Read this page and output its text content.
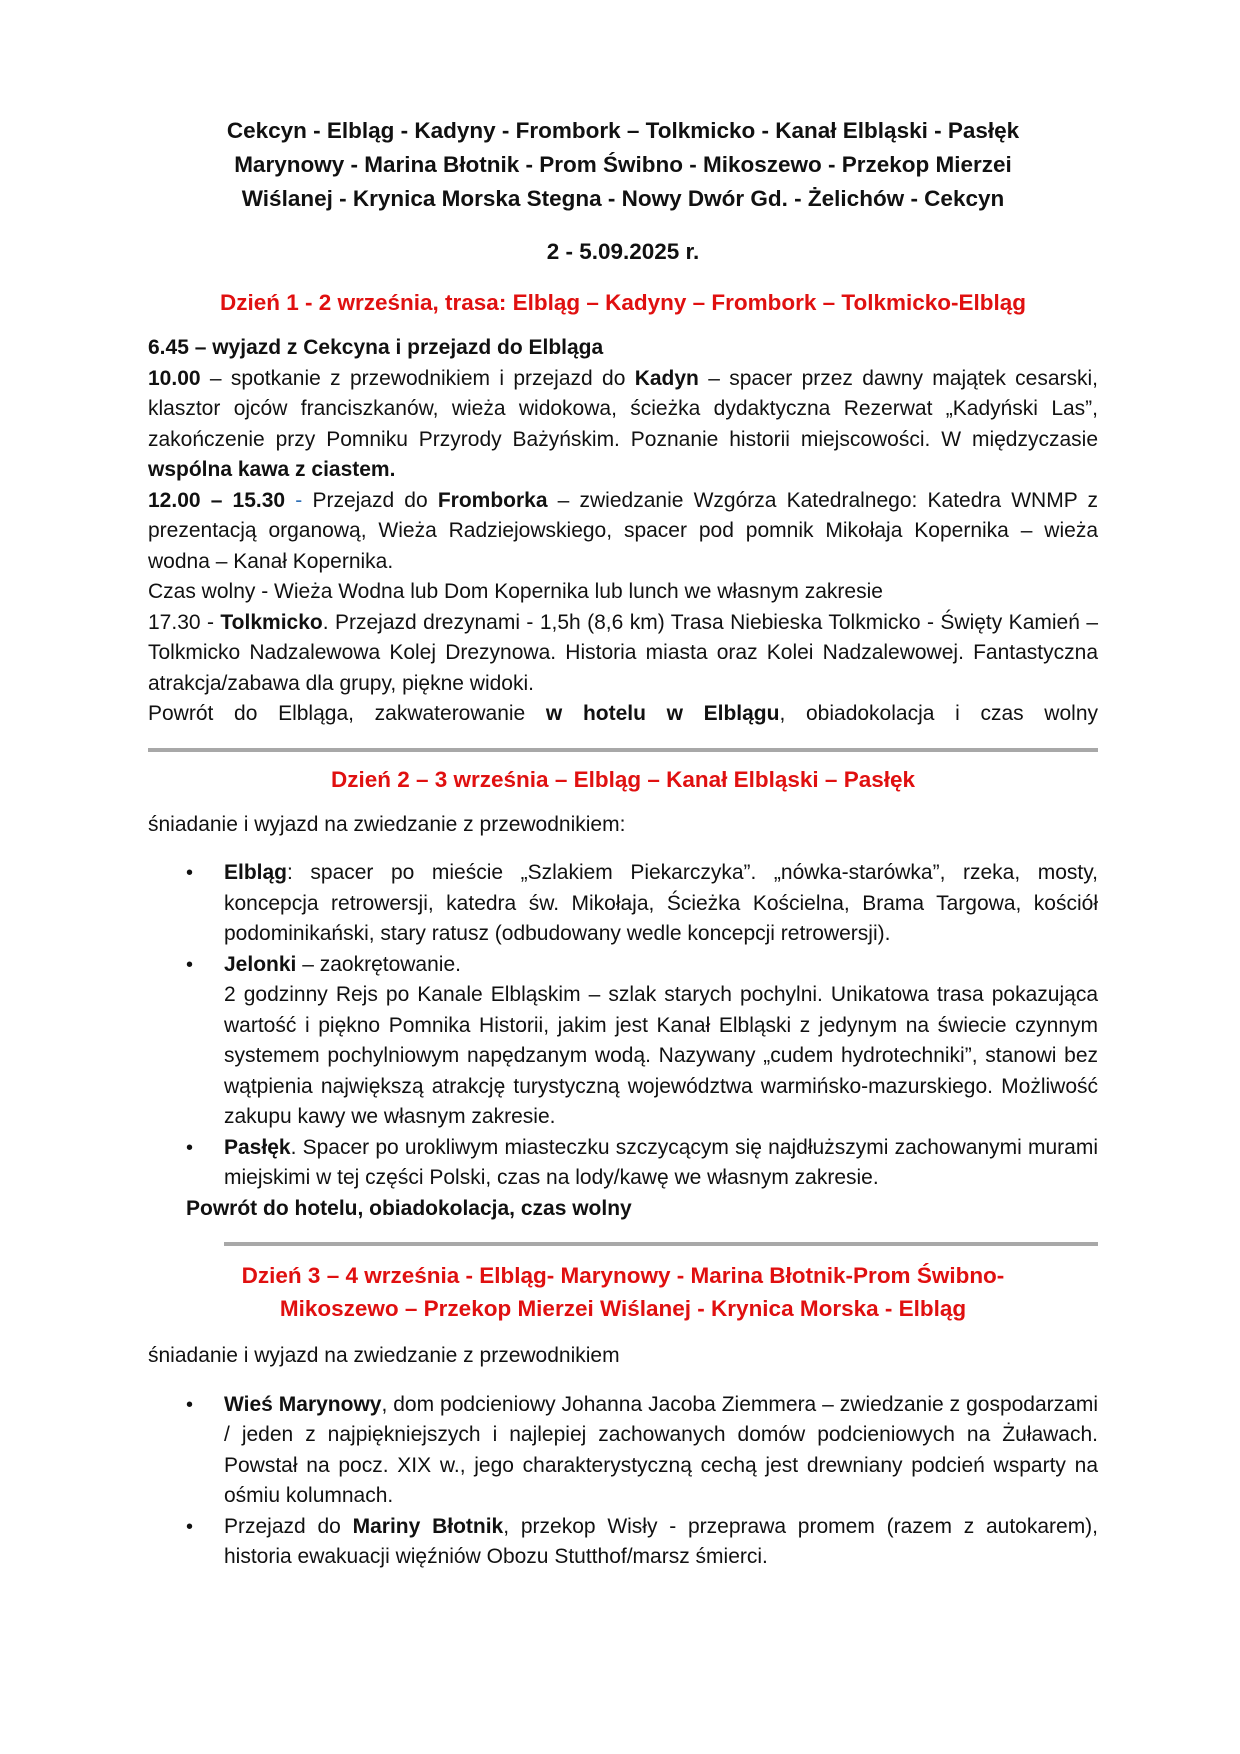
Cekcyn - Elbląg - Kadyny - Frombork – Tolkmicko - Kanał Elbląski - Pasłęk

Marynowy - Marina Błotnik - Prom Świbno - Mikoszewo - Przekop Mierzei

Wiślanej - Krynica Morska Stegna - Nowy Dwór Gd. - Żelichów - Cekcyn

2 - 5.09.2025 r.

Dzień 1 - 2 września, trasa: Elbląg – Kadyny – Frombork – Tolkmicko-Elbląg

6.45 – wyjazd z Cekcyna i przejazd do Elbląga

10.00 – spotkanie z przewodnikiem i przejazd do Kadyn – spacer przez dawny majątek cesarski, klasztor ojców franciszkanów, wieża widokowa, ścieżka dydaktyczna Rezerwat „Kadyński Las”, zakończenie przy Pomniku Przyrody Bażyńskim. Poznanie historii miejscowości. W międzyczasie wspólna kawa z ciastem.

12.00 – 15.30 - Przejazd do Fromborka – zwiedzanie Wzgórza Katedralnego: Katedra WNMP z prezentacją organową, Wieża Radziejowskiego, spacer pod pomnik Mikołaja Kopernika – wieża wodna – Kanał Kopernika.

Czas wolny - Wieża Wodna lub Dom Kopernika lub lunch we własnym zakresie

17.30 - Tolkmicko. Przejazd drezynami - 1,5h (8,6 km) Trasa Niebieska Tolkmicko - Święty Kamień – Tolkmicko Nadzalewowa Kolej Drezynowa. Historia miasta oraz Kolei Nadzalewowej. Fantastyczna atrakcja/zabawa dla grupy, piękne widoki.

Powrót do Elbląga, zakwaterowanie w hotelu w Elblągu, obiadokolacja i czas wolny

Dzień 2 – 3 września – Elbląg – Kanał Elbląski – Pasłęk

śniadanie i wyjazd na zwiedzanie z przewodnikiem:

• Elbląg: spacer po mieście „Szlakiem Piekarczyka”. „nówka-starówka”, rzeka, mosty, koncepcja retrowersji, katedra św. Mikołaja, Ścieżka Kościelna, Brama Targowa, kościół podominikański, stary ratusz (odbudowany wedle koncepcji retrowersji).
• Jelonki – zaokrętowanie.
2 godzinny Rejs po Kanale Elbląskim – szlak starych pochylni. Unikatowa trasa pokazująca wartość i piękno Pomnika Historii, jakim jest Kanał Elbląski z jedynym na świecie czynnym systemem pochylniowym napędzanym wodą. Nazywany „cudem hydrotechniki”, stanowi bez wątpienia największą atrakcję turystyczną województwa warmińsko-mazurskiego. Możliwość zakupu kawy we własnym zakresie.
• Pasłęk. Spacer po urokliwym miasteczku szczycącym się najdłuższymi zachowanymi murami miejskimi w tej części Polski, czas na lody/kawę we własnym zakresie.

Powrót do hotelu, obiadokolacja, czas wolny

Dzień 3 – 4 września - Elbląg- Marynowy - Marina Błotnik-Prom Świbno-

Mikoszewo – Przekop Mierzei Wiślanej - Krynica Morska - Elbląg

śniadanie i wyjazd na zwiedzanie z przewodnikiem

• Wieś Marynowy, dom podcieniowy Johanna Jacoba Ziemmera – zwiedzanie z gospodarzami / jeden z najpiękniejszych i najlepiej zachowanych domów podcieniowych na Żuławach. Powstał na pocz. XIX w., jego charakterystyczną cechą jest drewniany podcień wsparty na ośmiu kolumnach.
• Przejazd do Mariny Błotnik, przekop Wisły - przeprawa promem (razem z autokarem), historia ewakuacji więźniów Obozu Stutthof/marsz śmierci.
